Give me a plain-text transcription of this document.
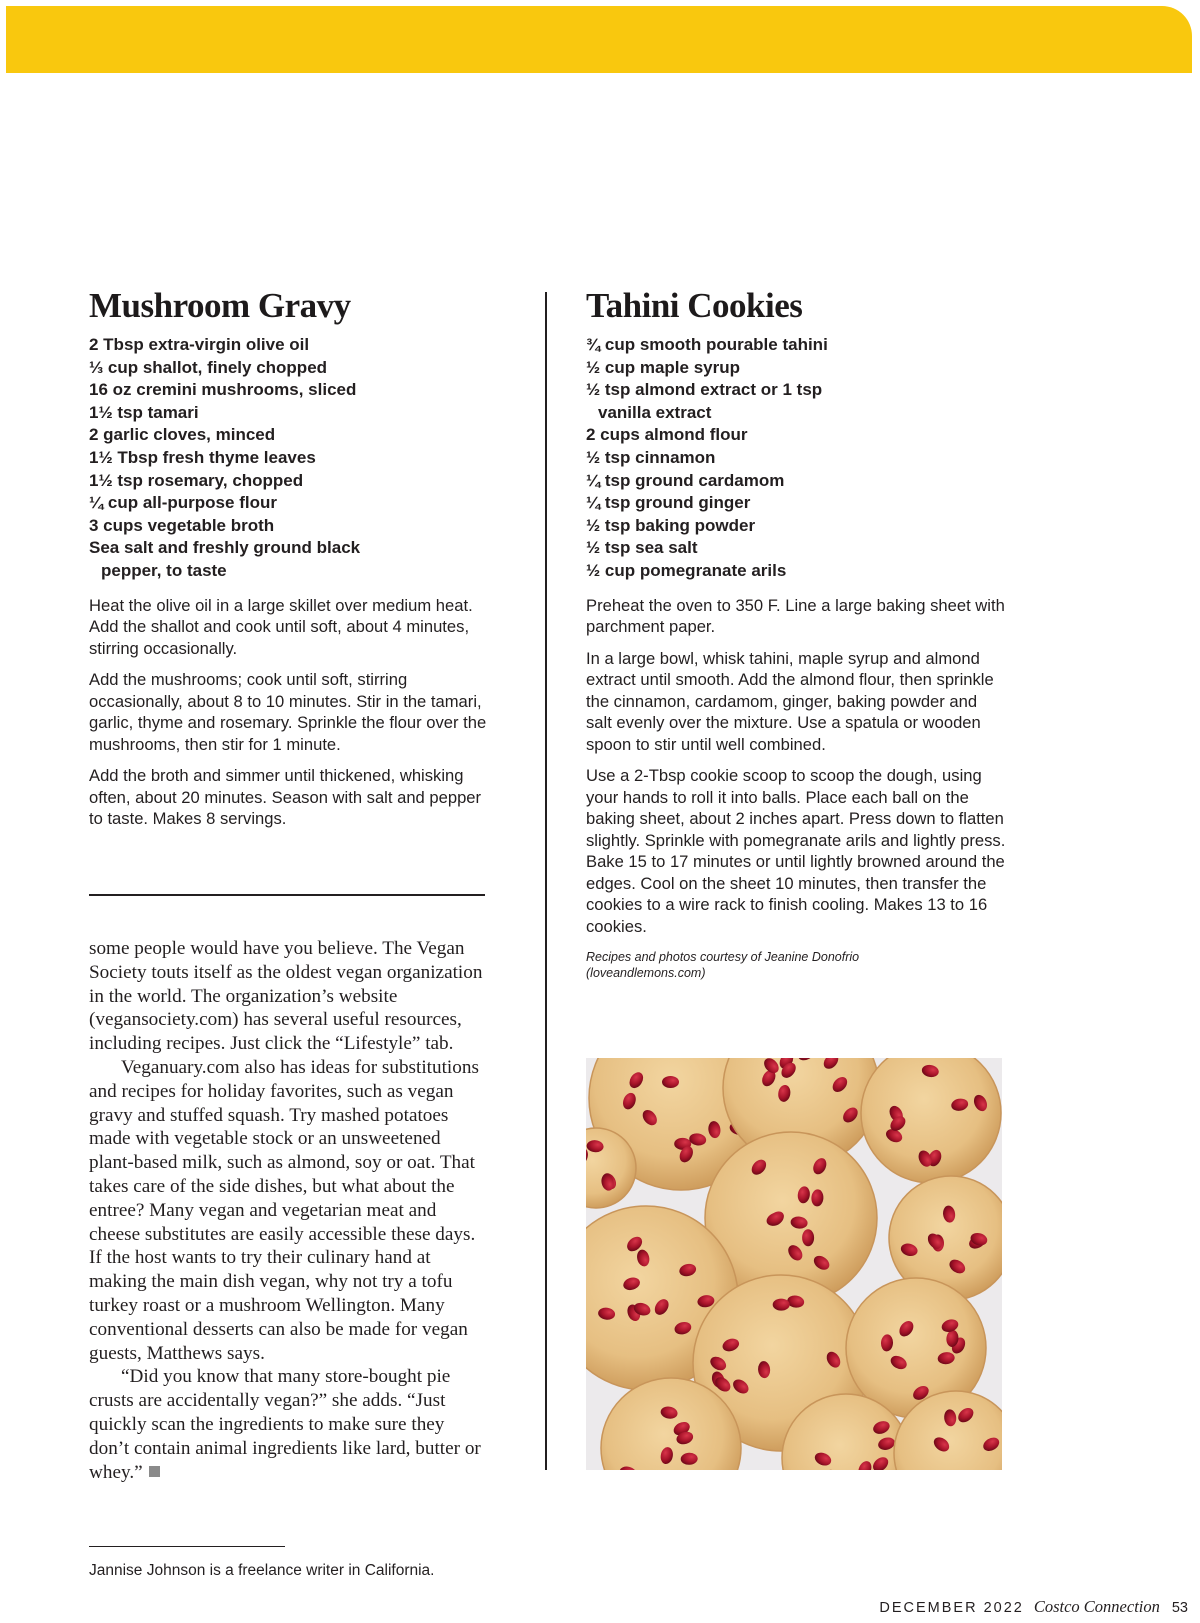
Mushroom Gravy
2 Tbsp extra-virgin olive oil
⅓ cup shallot, finely chopped
16 oz cremini mushrooms, sliced
1½ tsp tamari
2 garlic cloves, minced
1½ Tbsp fresh thyme leaves
1½ tsp rosemary, chopped
¼ cup all-purpose flour
3 cups vegetable broth
Sea salt and freshly ground black pepper, to taste

Heat the olive oil in a large skillet over medium heat. Add the shallot and cook until soft, about 4 minutes, stirring occasionally.

Add the mushrooms; cook until soft, stirring occasionally, about 8 to 10 minutes. Stir in the tamari, garlic, thyme and rosemary. Sprinkle the flour over the mushrooms, then stir for 1 minute.

Add the broth and simmer until thickened, whisking often, about 20 minutes. Season with salt and pepper to taste. Makes 8 servings.

some people would have you believe. The Vegan Society touts itself as the oldest vegan organization in the world. The organization’s website (vegansociety.com) has several useful resources, including recipes. Just click the “Lifestyle” tab.

Veganuary.com also has ideas for substitutions and recipes for holiday favorites, such as vegan gravy and stuffed squash. Try mashed potatoes made with vegetable stock or an unsweetened plant-based milk, such as almond, soy or oat. That takes care of the side dishes, but what about the entree? Many vegan and vegetarian meat and cheese substitutes are easily accessible these days. If the host wants to try their culinary hand at making the main dish vegan, why not try a tofu turkey roast or a mushroom Wellington. Many conventional desserts can also be made for vegan guests, Matthews says.

“Did you know that many store-bought pie crusts are accidentally vegan?” she adds. “Just quickly scan the ingredients to make sure they don’t contain animal ingredients like lard, butter or whey.”

Jannise Johnson is a freelance writer in California.

Tahini Cookies
¾ cup smooth pourable tahini
½ cup maple syrup
½ tsp almond extract or 1 tsp vanilla extract
2 cups almond flour
½ tsp cinnamon
¼ tsp ground cardamom
¼ tsp ground ginger
½ tsp baking powder
½ tsp sea salt
½ cup pomegranate arils

Preheat the oven to 350 F. Line a large baking sheet with parchment paper.

In a large bowl, whisk tahini, maple syrup and almond extract until smooth. Add the almond flour, then sprinkle the cinnamon, cardamom, ginger, baking powder and salt evenly over the mixture. Use a spatula or wooden spoon to stir until well combined.

Use a 2-Tbsp cookie scoop to scoop the dough, using your hands to roll it into balls. Place each ball on the baking sheet, about 2 inches apart. Press down to flatten slightly. Sprinkle with pomegranate arils and lightly press. Bake 15 to 17 minutes or until lightly browned around the edges. Cool on the sheet 10 minutes, then transfer the cookies to a wire rack to finish cooling. Makes 13 to 16 cookies.

Recipes and photos courtesy of Jeanine Donofrio (loveandlemons.com)

DECEMBER 2022 Costco Connection 53
